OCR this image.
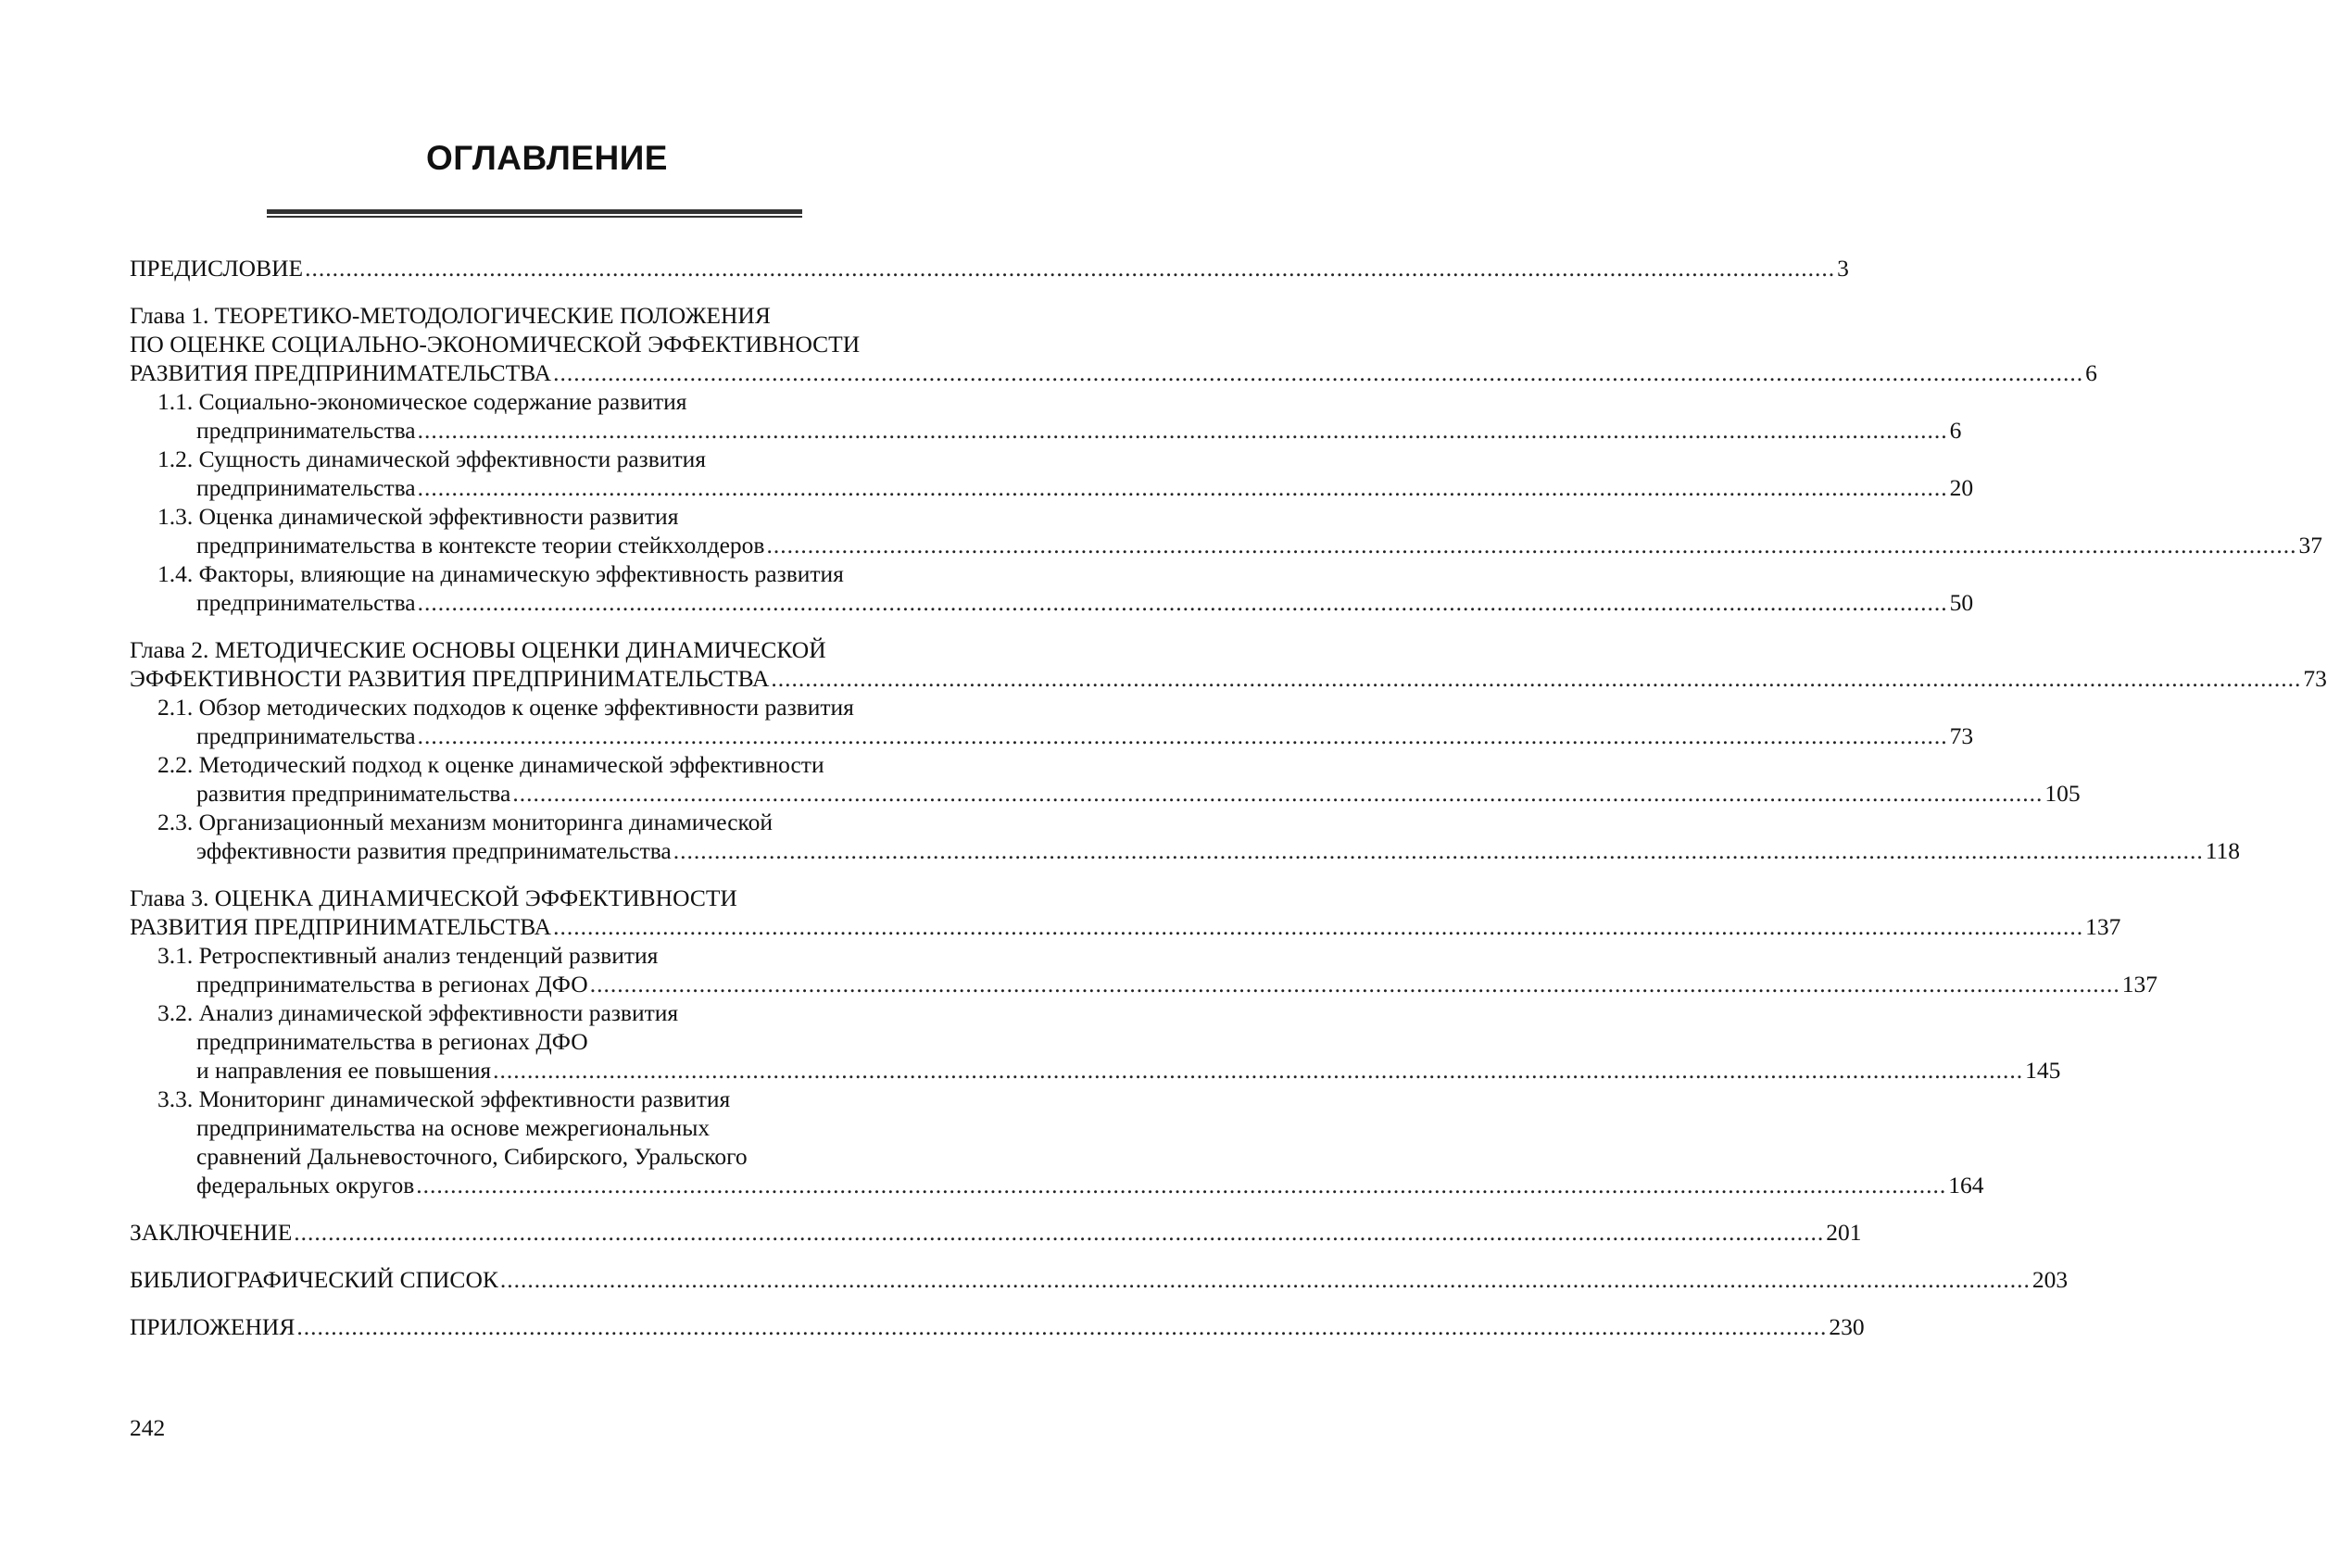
ОГЛАВЛЕНИЕ
ПРЕДИСЛОВИЕ ................................................................................................................................................................................................................................ 3
Глава 1. ТЕОРЕТИКО-МЕТОДОЛОГИЧЕСКИЕ ПОЛОЖЕНИЯ
ПО ОЦЕНКЕ СОЦИАЛЬНО-ЭКОНОМИЧЕСКОЙ ЭФФЕКТИВНОСТИ
РАЗВИТИЯ ПРЕДПРИНИМАТЕЛЬСТВА ................................................................................................................................................................................................................................ 6
1.1. Социально-экономическое содержание развития
предпринимательства ................................................................................................................................................................................................................................ 6
1.2. Сущность динамической эффективности развития
предпринимательства ................................................................................................................................................................................................................................ 20
1.3. Оценка динамической эффективности развития
предпринимательства в контексте теории стейкхолдеров ................................................................................................................................................................................................................................ 37
1.4. Факторы, влияющие на динамическую эффективность развития
предпринимательства ................................................................................................................................................................................................................................ 50
Глава 2. МЕТОДИЧЕСКИЕ ОСНОВЫ ОЦЕНКИ ДИНАМИЧЕСКОЙ
ЭФФЕКТИВНОСТИ РАЗВИТИЯ ПРЕДПРИНИМАТЕЛЬСТВА ................................................................................................................................................................................................................................ 73
2.1. Обзор методических подходов к оценке эффективности развития
предпринимательства ................................................................................................................................................................................................................................ 73
2.2. Методический подход к оценке динамической эффективности
развития предпринимательства ................................................................................................................................................................................................................................ 105
2.3. Организационный механизм мониторинга динамической
эффективности развития предпринимательства ................................................................................................................................................................................................................................ 118
Глава 3. ОЦЕНКА ДИНАМИЧЕСКОЙ ЭФФЕКТИВНОСТИ
РАЗВИТИЯ ПРЕДПРИНИМАТЕЛЬСТВА ................................................................................................................................................................................................................................ 137
3.1. Ретроспективный анализ тенденций развития
предпринимательства в регионах ДФО ................................................................................................................................................................................................................................ 137
3.2. Анализ динамической эффективности развития
предпринимательства в регионах ДФО
и направления ее повышения ................................................................................................................................................................................................................................ 145
3.3. Мониторинг динамической эффективности развития
предпринимательства на основе межрегиональных
сравнений Дальневосточного, Сибирского, Уральского
федеральных округов ................................................................................................................................................................................................................................ 164
ЗАКЛЮЧЕНИЕ ................................................................................................................................................................................................................................ 201
БИБЛИОГРАФИЧЕСКИЙ СПИСОК ................................................................................................................................................................................................................................ 203
ПРИЛОЖЕНИЯ ................................................................................................................................................................................................................................ 230
242
